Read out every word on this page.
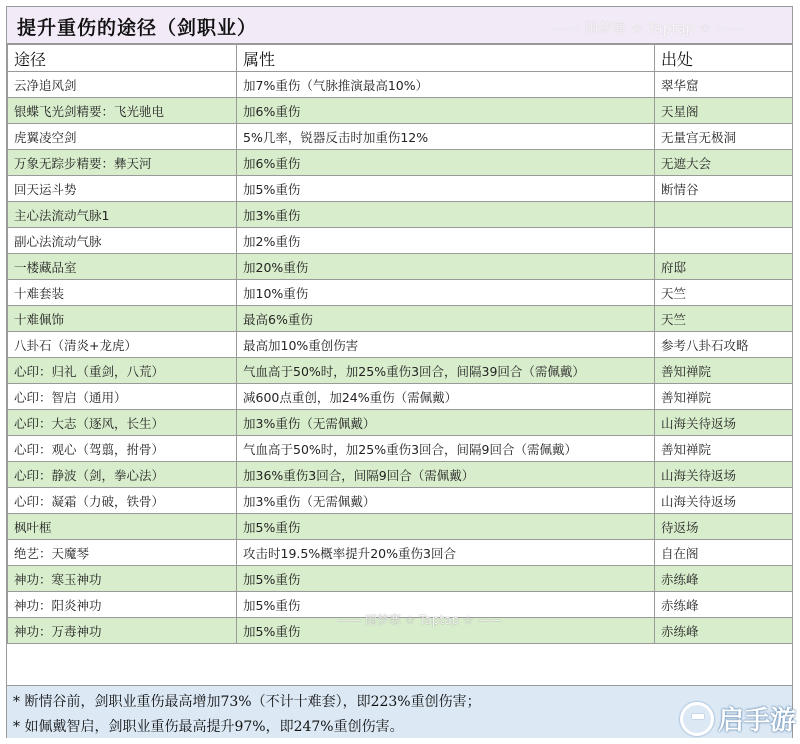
提升重伤的途径（剑职业）	—— 雨梦寒 ☆ Taptap ☆ ——
途径	属性	出处
云净追风剑	加7%重伤（气脉推演最高10%）	翠华窟
银蝶飞光剑精要：飞光驰电	加6%重伤	天星阁
虎翼凌空剑	5%几率，锐器反击时加重伤12%	无量宫无极洞
万象无踪步精要：彝天河	加6%重伤	无遮大会
回天运斗势	加5%重伤	断情谷
主心法流动气脉1	加3%重伤	
副心法流动气脉	加2%重伤	
一楼藏品室	加20%重伤	府邸
十难套装	加10%重伤	天竺
十难佩饰	最高6%重伤	天竺
八卦石（清炎+龙虎）	最高加10%重创伤害	参考八卦石攻略
心印：归礼（重剑，八荒）	气血高于50%时，加25%重伤3回合，间隔39回合（需佩戴）	善知禅院
心印：智启（通用）	减600点重创，加24%重伤（需佩戴）	善知禅院
心印：大志（逐风，长生）	加3%重伤（无需佩戴）	山海关待返场
心印：观心（驾翦，拊骨）	气血高于50%时，加25%重伤3回合，间隔9回合（需佩戴）	善知禅院
心印：静波（剑，拳心法）	加36%重伤3回合，间隔9回合（需佩戴）	山海关待返场
心印：凝霜（力破，铁骨）	加3%重伤（无需佩戴）	山海关待返场
枫叶框	加5%重伤	待返场
绝艺：天魔琴	攻击时19.5%概率提升20%重伤3回合	自在阁
神功：寒玉神功	加5%重伤	赤练峰
神功：阳炎神功	加5%重伤	赤练峰
神功：万毒神功	加5%重伤	赤练峰
—— 雨梦寒 ☆ Taptap ☆ ——
* 断情谷前，剑职业重伤最高增加73%（不计十难套），即223%重创伤害；
* 如佩戴智启，剑职业重伤最高提升97%，即247%重创伤害。	启手游
